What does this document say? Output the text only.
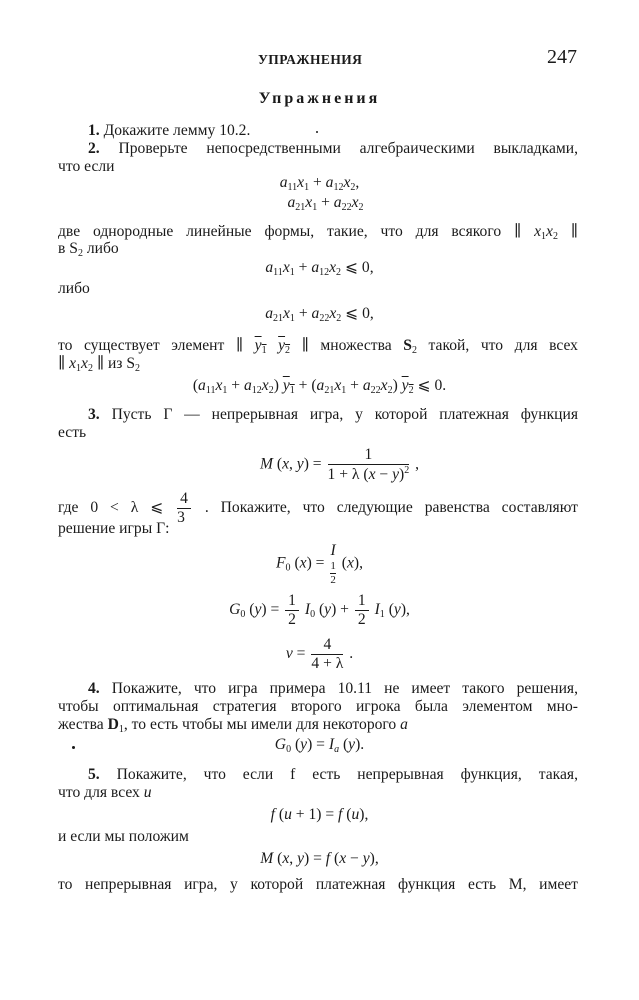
УПРАЖНЕНИЯ	247
Упражнения
1. Докажите лемму 10.2.
2. Проверьте непосредственными алгебраическими выкладками,
что если
$a_{11}x_1 + a_{12}x_2$,
$a_{21}x_1 + a_{22}x_2$
две однородные линейные формы, такие, что для всякого ∥ $x_1x_2$ ∥
в $S_2$ либо
$a_{11}x_1 + a_{12}x_2$ ⩽ 0,
либо
$a_{21}x_1 + a_{22}x_2$ ⩽ 0,
то существует элемент ∥ $y_1$ $y_2$ ∥ множества $S_2$ такой, что для всех
∥ $x_1x_2$ ∥ из $S_2$
$(a_{11}x_1 + a_{12}x_2) y_1 + (a_{21}x_1 + a_{22}x_2)$ $y_2$ ⩽ 0.
3. Пусть Γ — непрерывная игра, у которой платежная функция
есть
M (x, $y) = \frac{1}{1 + \lambda (x - y)^2}$ ,
где 0 < λ ⩽ $\frac{4}{3}$ . Покажите, что следующие равенства составляют
решение игры Γ:
$F_0$ (x) =
I
1
2
(x),
$G_0$ $(y) = \frac{1}{2} I_0$ $(y) + \frac{1}{2} I_1$ (y),
$v = \frac{4}{4 + \lambda}$ .
4. Покажите, что игра примера 10.11 не имеет такого решения,
чтобы оптимальная стратегия второго игрока была элементом мно-
жества $D_1$, то есть чтобы мы имели для некоторого a
$G_0$ $(y) = I_a$ (y).
5. Покажите, что если f есть непрерывная функция, такая,
что для всех u
f (u + 1) = f (u),
и если мы положим
M (x, y) = f (x − y),
то непрерывная игра, у которой платежная функция есть M, имеет
